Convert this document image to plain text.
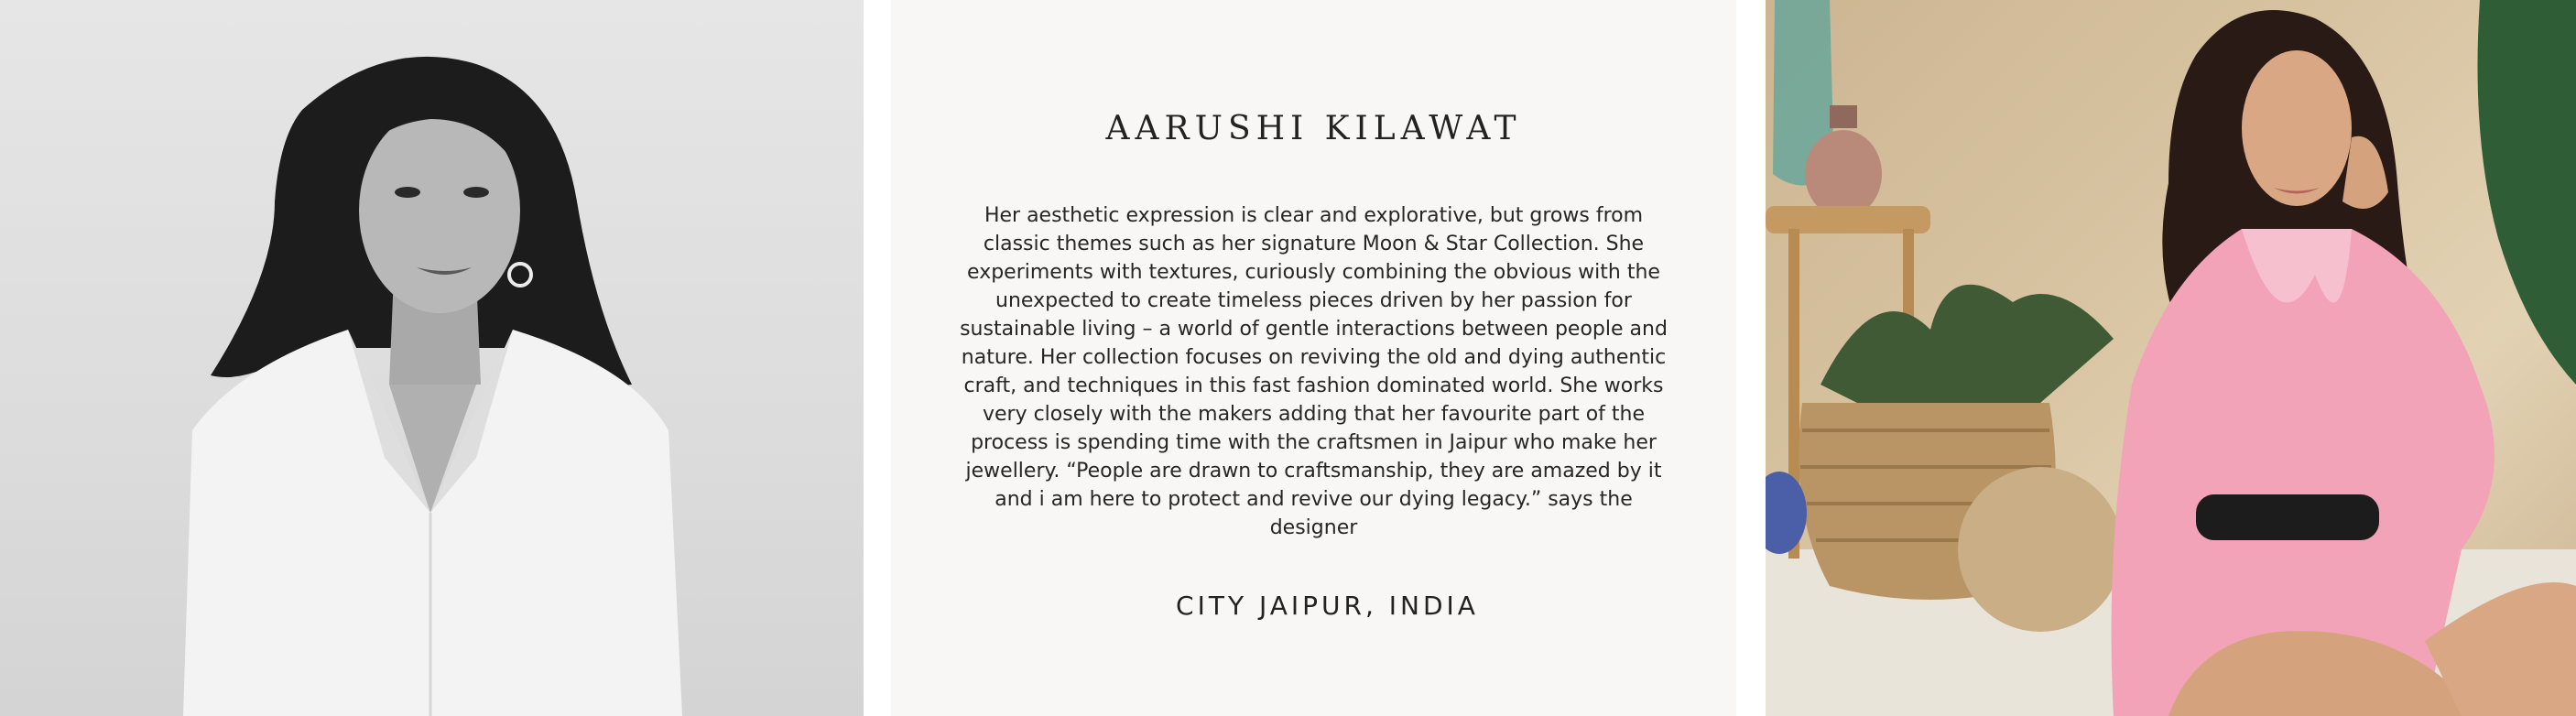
AARUSHI KILAWAT
Her aesthetic expression is clear and explorative, but grows from classic themes such as her signature Moon & Star Collection. She experiments with textures, curiously combining the obvious with the unexpected to create timeless pieces driven by her passion for sustainable living – a world of gentle interactions between people and nature. Her collection focuses on reviving the old and dying authentic craft, and techniques in this fast fashion dominated world. She works very closely with the makers adding that her favourite part of the process is spending time with the craftsmen in Jaipur who make her jewellery. “People are drawn to craftsmanship, they are amazed by it and i am here to protect and revive our dying legacy.” says the designer
CITY JAIPUR, INDIA
